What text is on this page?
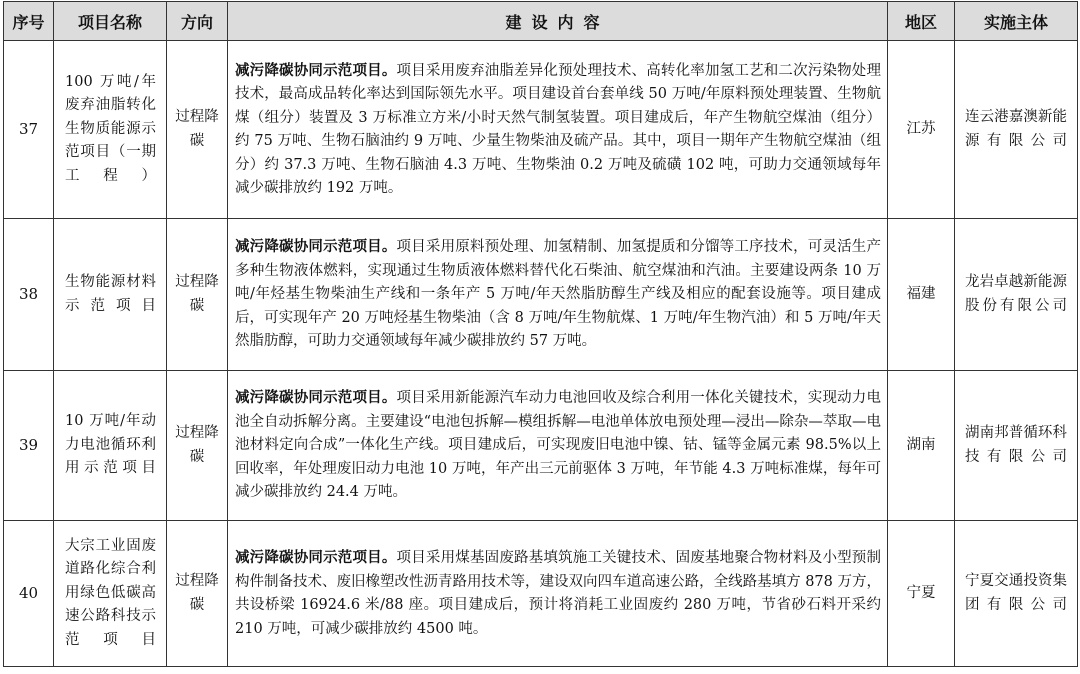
序号	项目名称	方向	建设内容	地区	实施主体
37	100 万吨/年废弃油脂转化生物质能源示范项目（一期工程）	过程降碳	减污降碳协同示范项目。项目采用废弃油脂差异化预处理技术、高转化率加氢工艺和二次污染物处理技术，最高成品转化率达到国际领先水平。项目建设首台套单线 50 万吨/年原料预处理装置、生物航煤（组分）装置及 3 万标准立方米/小时天然气制氢装置。项目建成后，年产生物航空煤油（组分）约 75 万吨、生物石脑油约 9 万吨、少量生物柴油及硫产品。其中，项目一期年产生物航空煤油（组分）约 37.3 万吨、生物石脑油 4.3 万吨、生物柴油 0.2 万吨及硫磺 102 吨，可助力交通领域每年减少碳排放约 192 万吨。	江苏	连云港嘉澳新能源有限公司
38	生物能源材料示范项目	过程降碳	减污降碳协同示范项目。项目采用原料预处理、加氢精制、加氢提质和分馏等工序技术，可灵活生产多种生物液体燃料，实现通过生物质液体燃料替代化石柴油、航空煤油和汽油。主要建设两条 10 万吨/年烃基生物柴油生产线和一条年产 5 万吨/年天然脂肪醇生产线及相应的配套设施等。项目建成后，可实现年产 20 万吨烃基生物柴油（含 8 万吨/年生物航煤、1 万吨/年生物汽油）和 5 万吨/年天然脂肪醇，可助力交通领域每年减少碳排放约 57 万吨。	福建	龙岩卓越新能源股份有限公司
39	10 万吨/年动力电池循环利用示范项目	过程降碳	减污降碳协同示范项目。项目采用新能源汽车动力电池回收及综合利用一体化关键技术，实现动力电池全自动拆解分离。主要建设“电池包拆解—模组拆解—电池单体放电预处理—浸出—除杂—萃取—电池材料定向合成”一体化生产线。项目建成后，可实现废旧电池中镍、钴、锰等金属元素 98.5%以上回收率，年处理废旧动力电池 10 万吨，年产出三元前驱体 3 万吨，年节能 4.3 万吨标准煤，每年可减少碳排放约 24.4 万吨。	湖南	湖南邦普循环科技有限公司
40	大宗工业固废道路化综合利用绿色低碳高速公路科技示范项目	过程降碳	减污降碳协同示范项目。项目采用煤基固废路基填筑施工关键技术、固废基地聚合物材料及小型预制构件制备技术、废旧橡塑改性沥青路用技术等，建设双向四车道高速公路，全线路基填方 878 万方，共设桥梁 16924.6 米/88 座。项目建成后，预计将消耗工业固废约 280 万吨，节省砂石料开采约 210 万吨，可减少碳排放约 4500 吨。	宁夏	宁夏交通投资集团有限公司
